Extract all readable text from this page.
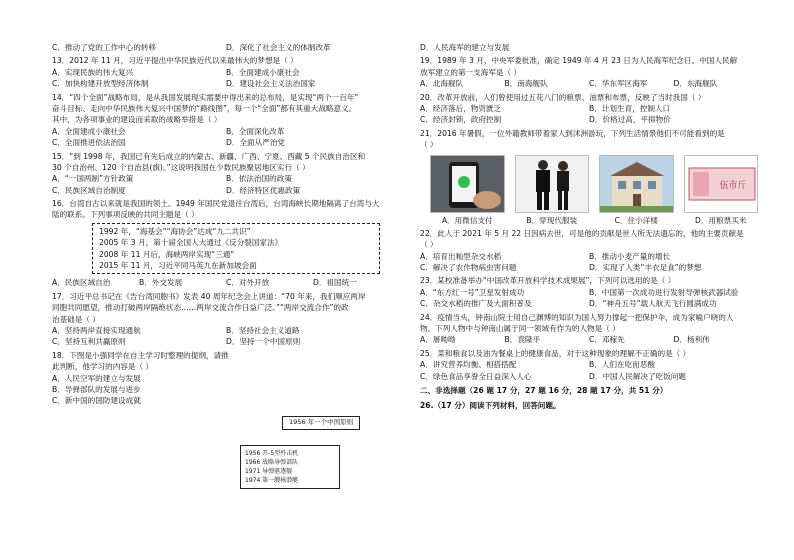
C．推动了党的工作中心的转移	D．深化了社会主义的体制改革
13．2012 年 11 月，习近平提出中华民族近代以来最伟大的梦想是（ ）
A．实现民族的伟大复兴	B．全面建成小康社会
C．加快构建开放型经济体制	D．建设社会主义法治国家
14．“四个全面”战略布局，是从我国发展现实需要中得出来的总布局，是实现“两个一百年”
奋斗目标、走向中华民族伟大复兴中国梦的“路线图”，每一个“全面”都有其重大战略意义。
其中，为各项事业的建设而采取的战略举措是（ ）
A．全面建成小康社会	B．全面深化改革
C．全面推进依法治国	D．全面从严治党
15．“到 1998 年，我国已有先后成立的内蒙古、新疆、广西、宁夏、西藏 5 个民族自治区和
30 个自治州、120 个自治县(旗)。”这说明我国在少数民族聚居地区实行（ ）
A．“一国两制”方针政策	B．依法治国的政策
C．民族区域自治制度	D．经济特区优惠政策
16．台湾自古以来就是我国的领土。1949 年国民党退往台湾后，台湾海峡长期地隔离了台湾与大
陆的联系。下列事项反映的共同主题是（ ）
1992 年，“海基会”“海协会”达成“九二共识”
2005 年 3 月，第十届全国人大通过《反分裂国家法》
2008 年 11 月后，海峡两岸实现“三通”
2015 年 11 月，习近平同马英九在新加坡会面
A．民族区域自治	B．外交发展	C．对外开放	D．祖国统一
17．习近平总书记在《告台湾同胞书》发表 40 周年纪念会上讲道：“70 年来，我们顺应两岸
同胞共同愿望，推动打破两岸隔绝状态……两岸交流合作日益广泛。”“两岸交流合作”的政
治基础是（ ）
A．坚持两岸直接实现通航	B．坚持社会主义道路
C．坚持互利共赢原则	D．坚持一个中国原则
18．下图是小强同学在自主学习时整理的提纲，请推
此判断，他学习的内容是（ ）
A．人民空军的建立与发展
B．导弹部队的发展与进步
C．新中国的国防建设成就
1956 年一个中国原则
1956 开-5型歼击机
1966 战略导弹部队
1971 导弹驱逐舰
1974 第一艘核潜艇
D．人民海军的建立与发展
19．1989 年 3 月，中央军委批准，确定 1949 年 4 月 23 日为人民海军纪念日。中国人民解
放军建立的第一支海军是（ ）
A．北海舰队	B．南海舰队	C．华东军区海军	D．东海舰队
20．改革开放前，人们曾使用过五花八门的粮票、油票和布票，反映了当时我国（ ）
A．经济落后，物资匮乏	B．计划生育，控制人口
C．经济封锁，政府控制	D．价格过高，平抑物价
21．2016 年暑假，一位外籍教师带着家人到沭洲游玩，下列生活情景他们不可能看到的是
（ ）
伍市斤
A．用微信支付	B．穿现代服装	C．住小洋楼	D．用粮票买米
22．此人于 2021 年 5 月 22 日因病去世，可是他的贡献是世人所无法遗忘的，他的主要贡献是
（ ）
A．培育出籼型杂交水稻	B．推动小麦产量的增长
C．解决了农作物病虫害问题	D．实现了人类“丰衣足食”的梦想
23．某校准备举办“中国改革开放科学技术成果展”，下列可以选用的是（ ）
A．“东方红一号”卫星发射成功	B．中国第一次成功进行发射导弹核武器试验
C．杂交水稻的推广及大面积普及	D．“神舟五号”载人航天飞行圆满成功
24．疫情当头，钟南山院士用自己渊博的知识为国人努力撑起一把保护伞，成为家喻户晓的人
物。下列人物中与钟南山属于同一领域有作为的人物是（ ）
A．屠呦呦	B．袁隆平	C．邓稼先	D．杨利伟
25．菜和粮食以及油为餐桌上的健康食品，对于这种现象的理解不正确的是（ ）
A．讲究营养均衡、相搭搭配	B．人们在吃而恶酸
C．绿色食品享誉全日益深入人心	D．中国人民解决了吃饭问题
二、非选择题（26 题 17 分，27 题 16 分，28 题 17 分，共 51 分）
26.（17 分）阅读下列材料，回答问题。
